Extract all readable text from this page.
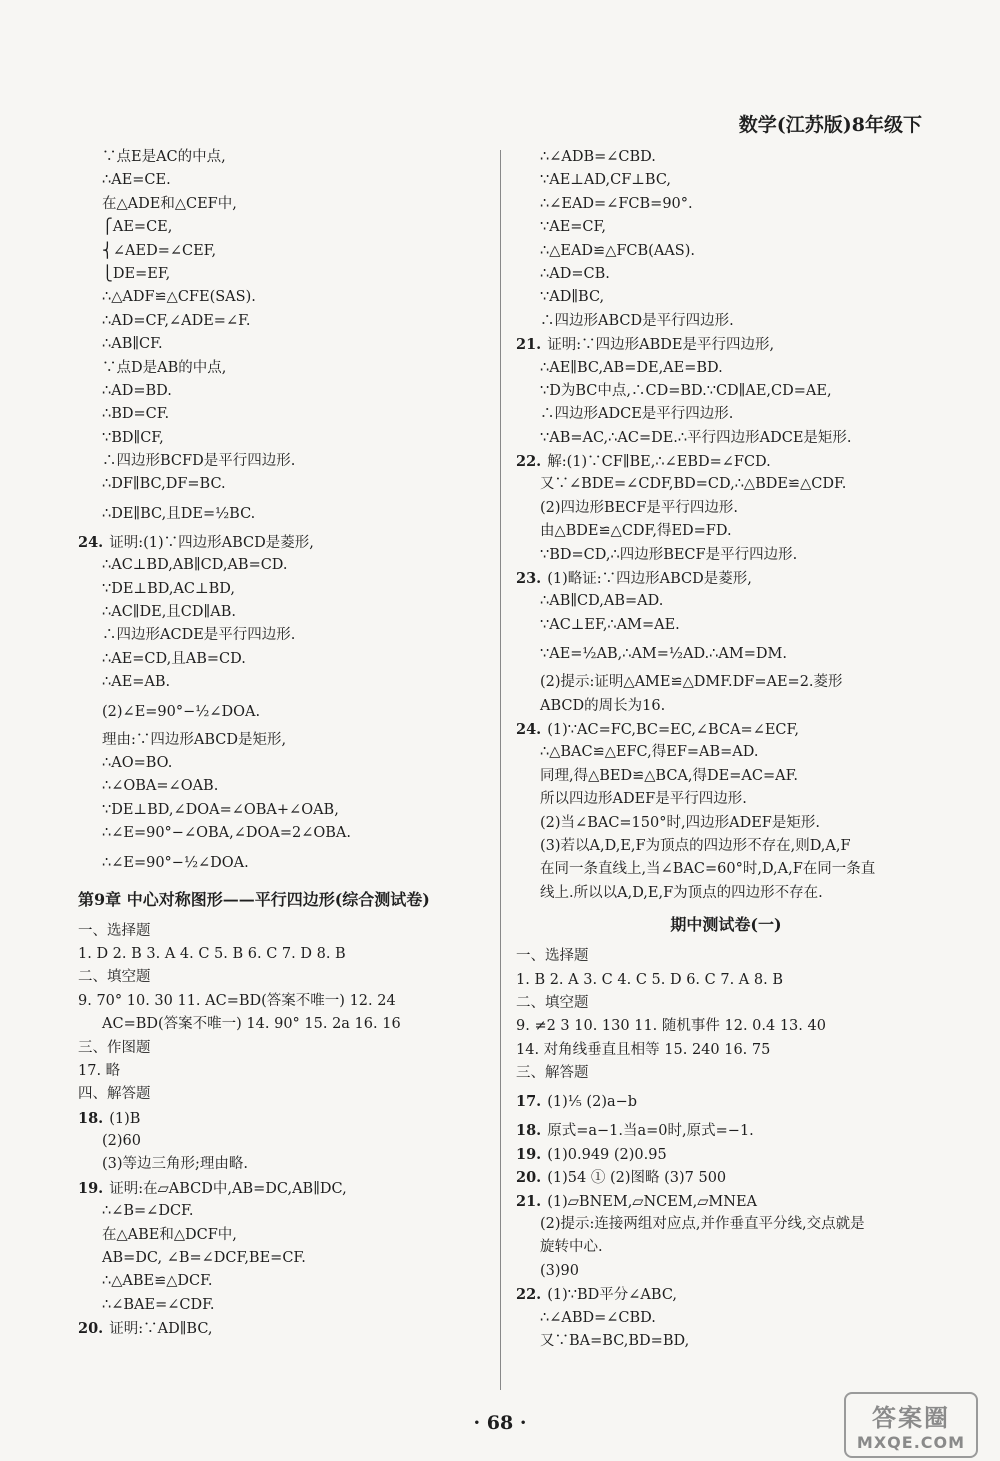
数学(江苏版)8年级下
∵点E是AC的中点,
∴AE=CE.
在△ADE和△CEF中,
⎧AE=CE,
⎨∠AED=∠CEF,
⎩DE=EF,
∴△ADF≌△CFE(SAS).
∴AD=CF,∠ADE=∠F.
∴AB∥CF.
∵点D是AB的中点,
∴AD=BD.
∴BD=CF.
∵BD∥CF,
∴四边形BCFD是平行四边形.
∴DF∥BC,DF=BC.
∴DE∥BC,且DE=½BC.
24. 证明:(1)∵四边形ABCD是菱形,
∴AC⊥BD,AB∥CD,AB=CD.
∵DE⊥BD,AC⊥BD,
∴AC∥DE,且CD∥AB.
∴四边形ACDE是平行四边形.
∴AE=CD,且AB=CD.
∴AE=AB.
(2)∠E=90°−½∠DOA.
理由:∵四边形ABCD是矩形,
∴AO=BO.
∴∠OBA=∠OAB.
∵DE⊥BD,∠DOA=∠OBA+∠OAB,
∴∠E=90°−∠OBA,∠DOA=2∠OBA.
∴∠E=90°−½∠DOA.
第9章 中心对称图形——平行四边形(综合测试卷)
一、选择题
1. D 2. B 3. A 4. C 5. B 6. C 7. D 8. B
二、填空题
9. 70° 10. 30 11. AC=BD(答案不唯一) 12. 24
AC=BD(答案不唯一) 14. 90° 15. 2a 16. 16
三、作图题
17. 略
四、解答题
18. (1)B
(2)60
(3)等边三角形;理由略.
19. 证明:在▱ABCD中,AB=DC,AB∥DC,
∴∠B=∠DCF.
在△ABE和△DCF中,
AB=DC, ∠B=∠DCF,BE=CF.
∴△ABE≌△DCF.
∴∠BAE=∠CDF.
20. 证明:∵AD∥BC,
∴∠ADB=∠CBD.
∵AE⊥AD,CF⊥BC,
∴∠EAD=∠FCB=90°.
∵AE=CF,
∴△EAD≌△FCB(AAS).
∴AD=CB.
∵AD∥BC,
∴四边形ABCD是平行四边形.
21. 证明:∵四边形ABDE是平行四边形,
∴AE∥BC,AB=DE,AE=BD.
∵D为BC中点,∴CD=BD.∵CD∥AE,CD=AE,
∴四边形ADCE是平行四边形.
∵AB=AC,∴AC=DE.∴平行四边形ADCE是矩形.
22. 解:(1)∵CF∥BE,∴∠EBD=∠FCD.
又∵∠BDE=∠CDF,BD=CD,∴△BDE≌△CDF.
(2)四边形BECF是平行四边形.
由△BDE≌△CDF,得ED=FD.
∵BD=CD,∴四边形BECF是平行四边形.
23. (1)略证:∵四边形ABCD是菱形,
∴AB∥CD,AB=AD.
∵AC⊥EF,∴AM=AE.
∵AE=½AB,∴AM=½AD.∴AM=DM.
(2)提示:证明△AME≌△DMF.DF=AE=2.菱形
ABCD的周长为16.
24. (1)∵AC=FC,BC=EC,∠BCA=∠ECF,
∴△BAC≌△EFC,得EF=AB=AD.
同理,得△BED≌△BCA,得DE=AC=AF.
所以四边形ADEF是平行四边形.
(2)当∠BAC=150°时,四边形ADEF是矩形.
(3)若以A,D,E,F为顶点的四边形不存在,则D,A,F
在同一条直线上,当∠BAC=60°时,D,A,F在同一条直
线上.所以以A,D,E,F为顶点的四边形不存在.
期中测试卷(一)
一、选择题
1. B 2. A 3. C 4. C 5. D 6. C 7. A 8. B
二、填空题
9. ≠2 3 10. 130 11. 随机事件 12. 0.4 13. 40
14. 对角线垂直且相等 15. 240 16. 75
三、解答题
17. (1)⅕ (2)a−b
18. 原式=a−1.当a=0时,原式=−1.
19. (1)0.949 (2)0.95
20. (1)54 ① (2)图略 (3)7 500
21. (1)▱BNEM,▱NCEM,▱MNEA
(2)提示:连接两组对应点,并作垂直平分线,交点就是
旋转中心.
(3)90
22. (1)∵BD平分∠ABC,
∴∠ABD=∠CBD.
又∵BA=BC,BD=BD,
· 68 ·	答案圈
MXQE.COM
